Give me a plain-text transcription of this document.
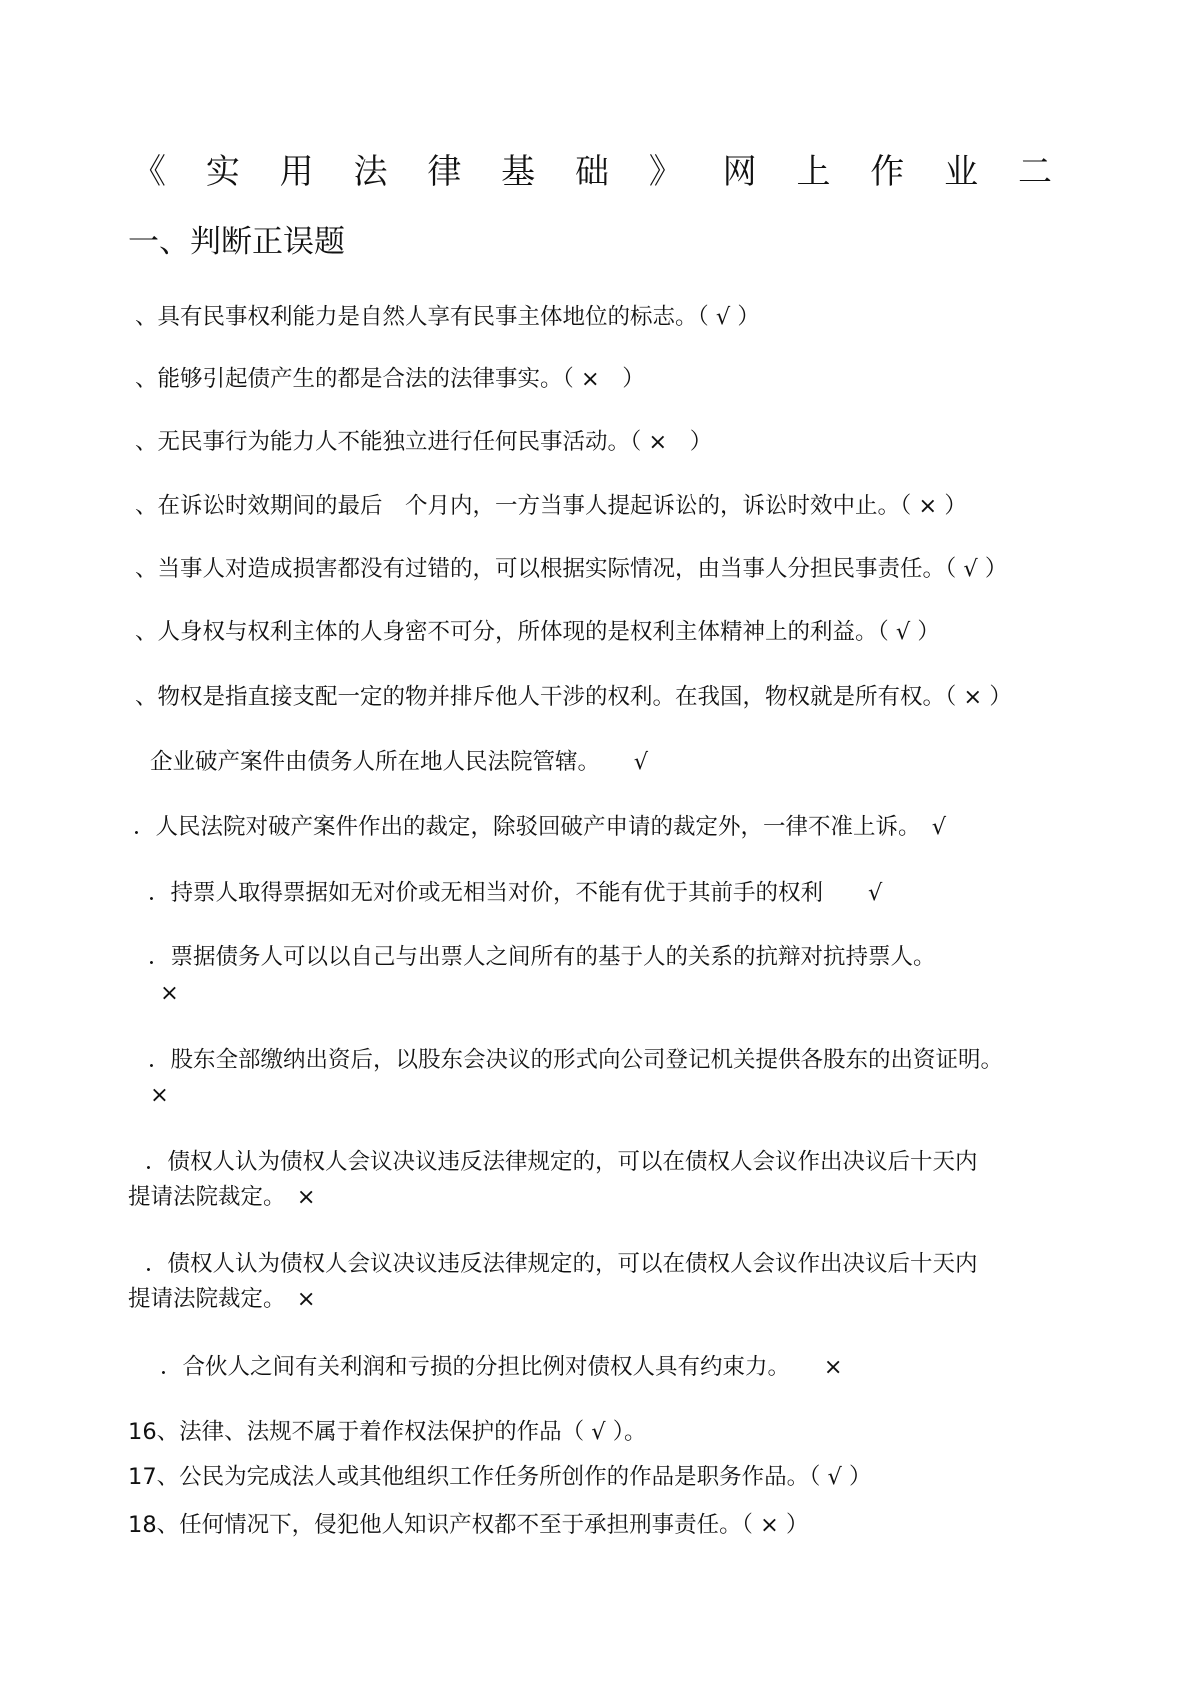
《 实 用 法 律 基 础 》 网 上 作 业 二
一、判断正误题
、具有民事权利能力是自然人享有民事主体地位的标志。（ √ ）
、能够引起债产生的都是合法的法律事实。（ ×　）
、无民事行为能力人不能独立进行任何民事活动。（ ×　）
、在诉讼时效期间的最后　个月内，一方当事人提起诉讼的，诉讼时效中止。（ × ）
、当事人对造成损害都没有过错的，可以根据实际情况，由当事人分担民事责任。（ √ ）
、人身权与权利主体的人身密不可分，所体现的是权利主体精神上的利益。（ √ ）
、物权是指直接支配一定的物并排斥他人干涉的权利。在我国，物权就是所有权。（ × ）
企业破产案件由债务人所在地人民法院管辖。　　√
．人民法院对破产案件作出的裁定，除驳回破产申请的裁定外，一律不准上诉。　√
．持票人取得票据如无对价或无相当对价，不能有优于其前手的权利　　√
．票据债务人可以以自己与出票人之间所有的基于人的关系的抗辩对抗持票人。
×
．股东全部缴纳出资后，以股东会决议的形式向公司登记机关提供各股东的出资证明。
×
．债权人认为债权人会议决议违反法律规定的，可以在债权人会议作出决议后十天内
提请法院裁定。　×
．债权人认为债权人会议决议违反法律规定的，可以在债权人会议作出决议后十天内
提请法院裁定。　×
．合伙人之间有关利润和亏损的分担比例对债权人具有约束力。　　×
16、法律、法规不属于着作权法保护的作品（ √ ）。
17、公民为完成法人或其他组织工作任务所创作的作品是职务作品。（ √ ）
18、任何情况下，侵犯他人知识产权都不至于承担刑事责任。（ × ）
